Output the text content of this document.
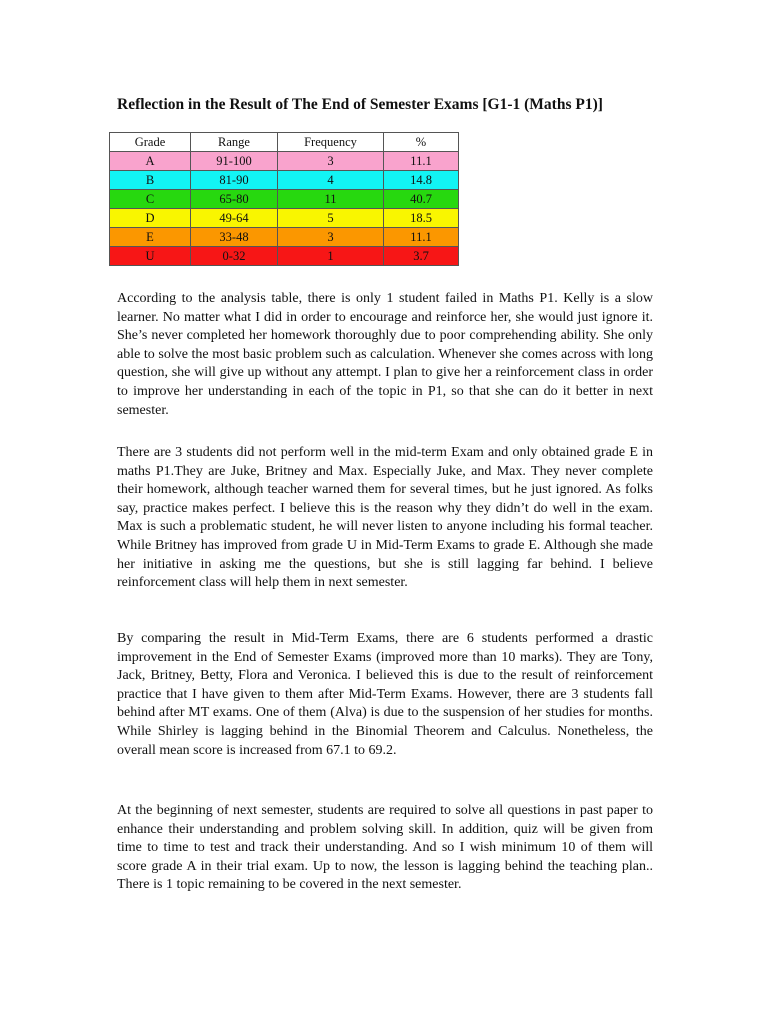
Reflection in the Result of The End of Semester Exams [G1-1 (Maths P1)]
Grade	Range	Frequency	%
A	91-100	3	11.1
B	81-90	4	14.8
C	65-80	11	40.7
D	49-64	5	18.5
E	33-48	3	11.1
U	0-32	1	3.7

According to the analysis table, there is only 1 student failed in Maths P1. Kelly is a slow learner. No matter what I did in order to encourage and reinforce her, she would just ignore it. She’s never completed her homework thoroughly due to poor comprehending ability. She only able to solve the most basic problem such as calculation. Whenever she comes across with long question, she will give up without any attempt. I plan to give her a reinforcement class in order to improve her understanding in each of the topic in P1, so that she can do it better in next semester.

There are 3 students did not perform well in the mid-term Exam and only obtained grade E in maths P1.They are Juke, Britney and Max. Especially Juke, and Max. They never complete their homework, although teacher warned them for several times, but he just ignored. As folks say, practice makes perfect. I believe this is the reason why they didn’t do well in the exam. Max is such a problematic student, he will never listen to anyone including his formal teacher. While Britney has improved from grade U in Mid-Term Exams to grade E. Although she made her initiative in asking me the questions, but she is still lagging far behind. I believe reinforcement class will help them in next semester.

By comparing the result in Mid-Term Exams, there are 6 students performed a drastic improvement in the End of Semester Exams (improved more than 10 marks). They are Tony, Jack, Britney, Betty, Flora and Veronica. I believed this is due to the result of reinforcement practice that I have given to them after Mid-Term Exams. However, there are 3 students fall behind after MT exams. One of them (Alva) is due to the suspension of her studies for months. While Shirley is lagging behind in the Binomial Theorem and Calculus. Nonetheless, the overall mean score is increased from 67.1 to 69.2.

At the beginning of next semester, students are required to solve all questions in past paper to enhance their understanding and problem solving skill. In addition, quiz will be given from time to time to test and track their understanding. And so I wish minimum 10 of them will score grade A in their trial exam. Up to now, the lesson is lagging behind the teaching plan.. There is 1 topic remaining to be covered in the next semester.
